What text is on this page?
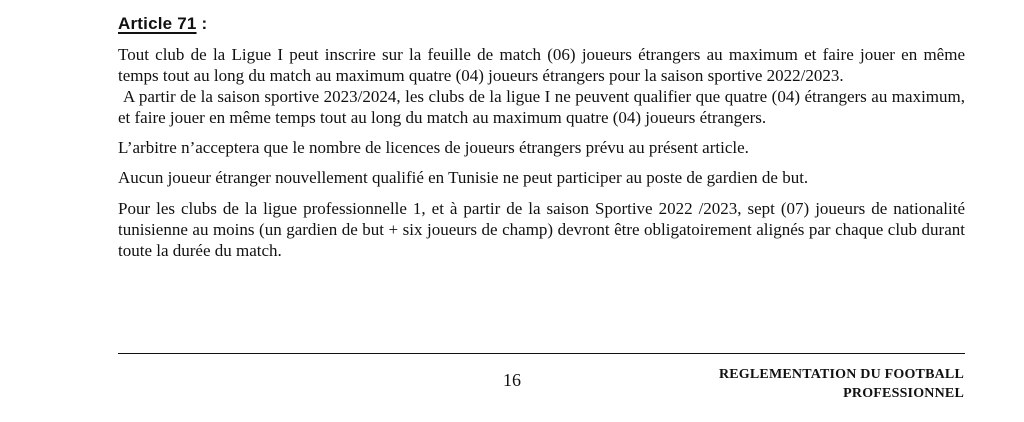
Article 71 :

Tout club de la Ligue I peut inscrire sur la feuille de match (06) joueurs étrangers au maximum et faire jouer en même temps tout au long du match au maximum quatre (04) joueurs étrangers pour la saison sportive 2022/2023.

A partir de la saison sportive 2023/2024, les clubs de la ligue I ne peuvent qualifier que quatre (04) étrangers au maximum, et faire jouer en même temps tout au long du match au maximum quatre (04) joueurs étrangers.

L’arbitre n’acceptera que le nombre de licences de joueurs étrangers prévu au présent article.

Aucun joueur étranger nouvellement qualifié en Tunisie ne peut participer au poste de gardien de but.

Pour les clubs de la ligue professionnelle 1, et à partir de la saison Sportive 2022 /2023, sept (07) joueurs de nationalité tunisienne au moins (un gardien de but + six joueurs de champ) devront être obligatoirement alignés par chaque club durant toute la durée du match.

16	REGLEMENTATION DU FOOTBALL
PROFESSIONNEL
